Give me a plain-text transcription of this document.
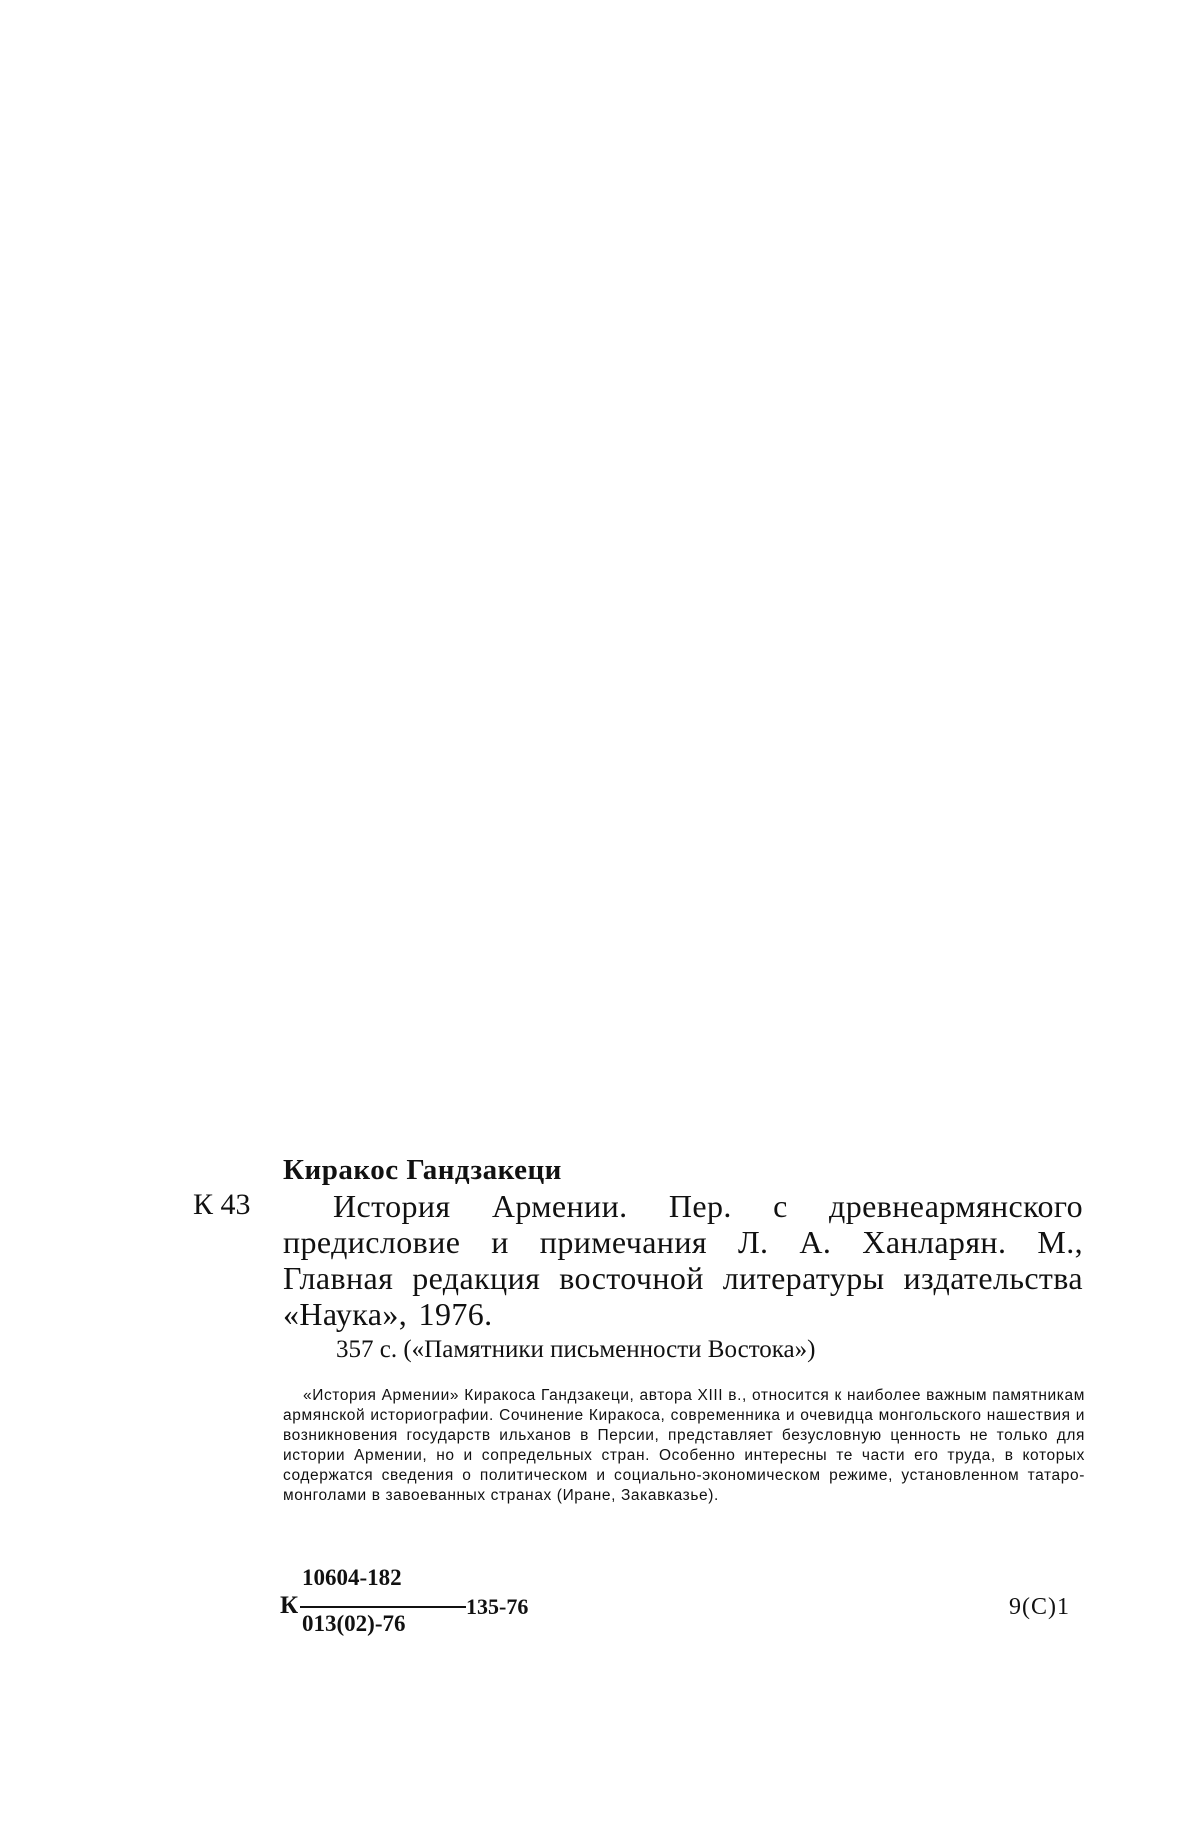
Киракос Гандзакеци
К 43	История Армении. Пер. с древнеармянского предисловие и примечания Л. А. Ханларян. М., Главная редакция восточной литературы издательства «Наука», 1976.
357 с. («Памятники письменности Востока»)
«История Армении» Киракоса Гандзакеци, автора XIII в., относится к наиболее важным памятникам армянской историографии. Сочинение Киракоса, современника и очевидца монгольского нашествия и возникновения государств ильханов в Персии, представляет безусловную ценность не только для истории Армении, но и сопредельных стран. Особенно интересны те части его труда, в которых содержатся сведения о политическом и социально-экономическом режиме, установленном татаро-монголами в завоеванных странах (Иране, Закавказье).
К
10604-182
013(02)-76
135-76	9(С)1
